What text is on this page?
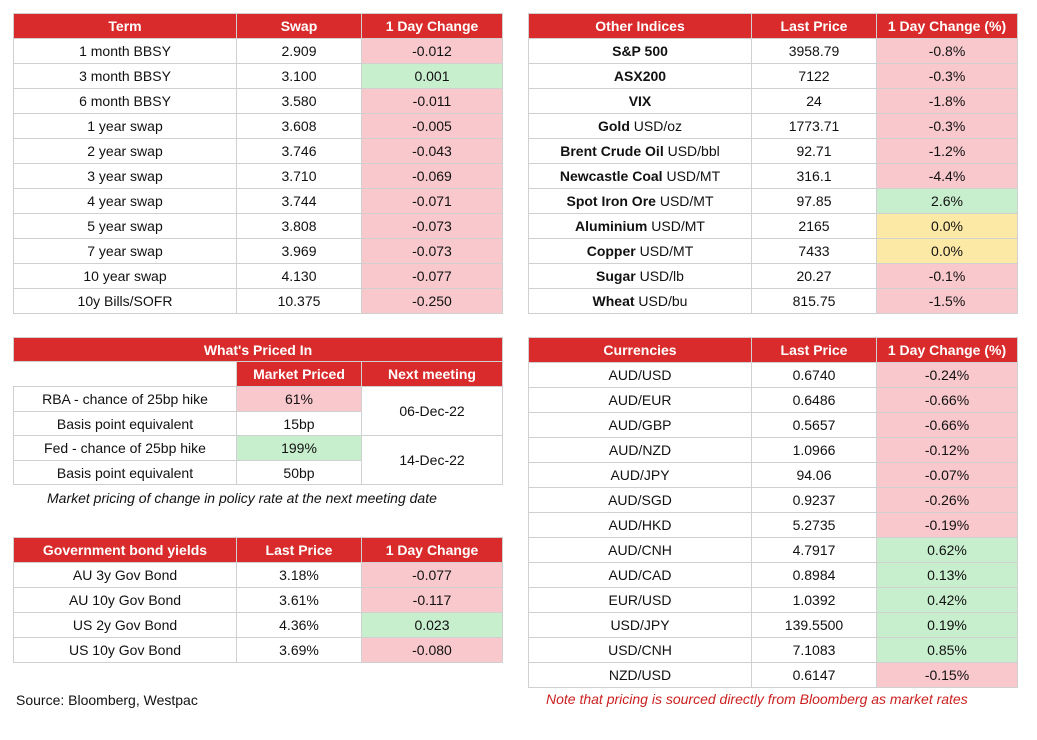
Term	Swap	1 Day Change
1 month BBSY	2.909	-0.012
3 month BBSY	3.100	0.001
6 month BBSY	3.580	-0.011
1 year swap	3.608	-0.005
2 year swap	3.746	-0.043
3 year swap	3.710	-0.069
4 year swap	3.744	-0.071
5 year swap	3.808	-0.073
7 year swap	3.969	-0.073
10 year swap	4.130	-0.077
10y Bills/SOFR	10.375	-0.250
Other Indices	Last Price	1 Day Change (%)
S&P 500	3958.79	-0.8%
ASX200	7122	-0.3%
VIX	24	-1.8%
Gold USD/oz	1773.71	-0.3%
Brent Crude Oil USD/bbl	92.71	-1.2%
Newcastle Coal USD/MT	316.1	-4.4%
Spot Iron Ore USD/MT	97.85	2.6%
Aluminium USD/MT	2165	0.0%
Copper USD/MT	7433	0.0%
Sugar USD/lb	20.27	-0.1%
Wheat USD/bu	815.75	-1.5%
What's Priced In		
	Market Priced	Next meeting
RBA - chance of 25bp hike	61%	06-Dec-22
Basis point equivalent	15bp	
Fed - chance of 25bp hike	199%	14-Dec-22
Basis point equivalent	50bp	
Market pricing of change in policy rate at the next meeting date
Government bond yields	Last Price	1 Day Change
AU 3y Gov Bond	3.18%	-0.077
AU 10y Gov Bond	3.61%	-0.117
US 2y Gov Bond	4.36%	0.023
US 10y Gov Bond	3.69%	-0.080
Currencies	Last Price	1 Day Change (%)
AUD/USD	0.6740	-0.24%
AUD/EUR	0.6486	-0.66%
AUD/GBP	0.5657	-0.66%
AUD/NZD	1.0966	-0.12%
AUD/JPY	94.06	-0.07%
AUD/SGD	0.9237	-0.26%
AUD/HKD	5.2735	-0.19%
AUD/CNH	4.7917	0.62%
AUD/CAD	0.8984	0.13%
EUR/USD	1.0392	0.42%
USD/JPY	139.5500	0.19%
USD/CNH	7.1083	0.85%
NZD/USD	0.6147	-0.15%
Source: Bloomberg, Westpac	Note that pricing is sourced directly from Bloomberg as market rates
